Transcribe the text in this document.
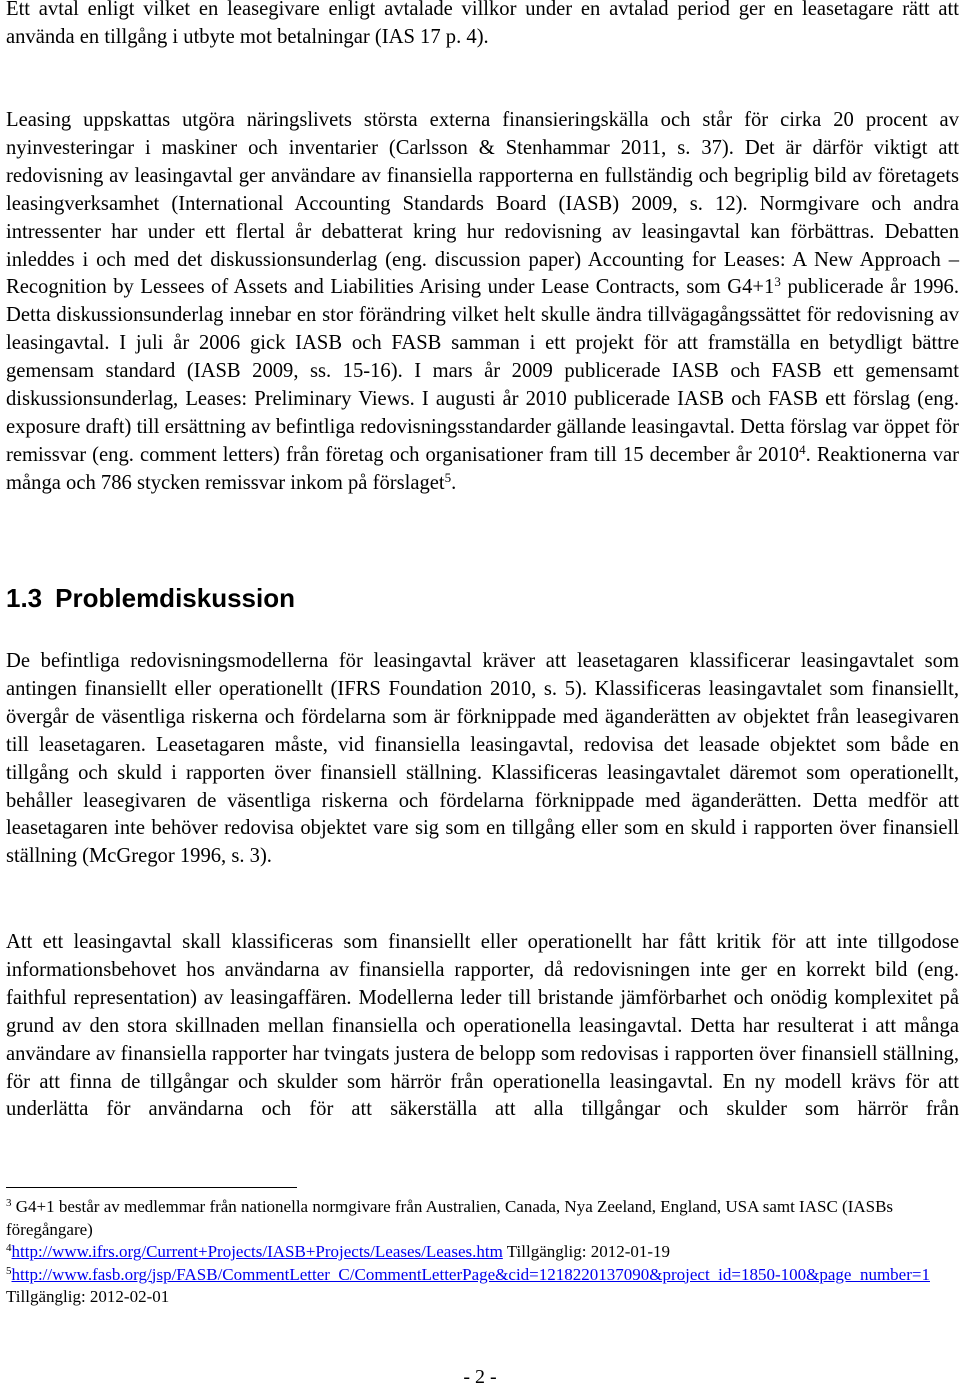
Ett avtal enligt vilket en leasegivare enligt avtalade villkor under en avtalad period ger en leasetagare rätt att använda en tillgång i utbyte mot betalningar (IAS 17 p. 4).

Leasing uppskattas utgöra näringslivets största externa finansieringskälla och står för cirka 20 procent av nyinvesteringar i maskiner och inventarier (Carlsson & Stenhammar 2011, s. 37). Det är därför viktigt att redovisning av leasingavtal ger användare av finansiella rapporterna en fullständig och begriplig bild av företagets leasingverksamhet (International Accounting Standards Board (IASB) 2009, s. 12). Normgivare och andra intressenter har under ett flertal år debatterat kring hur redovisning av leasingavtal kan förbättras. Debatten inleddes i och med det diskussionsunderlag (eng. discussion paper) Accounting for Leases: A New Approach – Recognition by Lessees of Assets and Liabilities Arising under Lease Contracts, som $G4+1^3$ publicerade år 1996. Detta diskussionsunderlag innebar en stor förändring vilket helt skulle ändra tillvägagångssättet för redovisning av leasingavtal. I juli år 2006 gick IASB och FASB samman i ett projekt för att framställa en betydligt bättre gemensam standard (IASB 2009, ss. 15-16). I mars år 2009 publicerade IASB och FASB ett gemensamt diskussionsunderlag, Leases: Preliminary Views. I augusti år 2010 publicerade IASB och FASB ett förslag (eng. exposure draft) till ersättning av befintliga redovisningsstandarder gällande leasingavtal. Detta förslag var öppet för remissvar (eng. comment letters) från företag och organisationer fram till 15 december år 2010$^4$. Reaktionerna var många och 786 stycken remissvar inkom på förslaget$^5$.

1.3 Problemdiskussion

De befintliga redovisningsmodellerna för leasingavtal kräver att leasetagaren klassificerar leasingavtalet som antingen finansiellt eller operationellt (IFRS Foundation 2010, s. 5). Klassificeras leasingavtalet som finansiellt, övergår de väsentliga riskerna och fördelarna som är förknippade med äganderätten av objektet från leasegivaren till leasetagaren. Leasetagaren måste, vid finansiella leasingavtal, redovisa det leasade objektet som både en tillgång och skuld i rapporten över finansiell ställning. Klassificeras leasingavtalet däremot som operationellt, behåller leasegivaren de väsentliga riskerna och fördelarna förknippade med äganderätten. Detta medför att leasetagaren inte behöver redovisa objektet vare sig som en tillgång eller som en skuld i rapporten över finansiell ställning (McGregor 1996, s. 3).

Att ett leasingavtal skall klassificeras som finansiellt eller operationellt har fått kritik för att inte tillgodose informationsbehovet hos användarna av finansiella rapporter, då redovisningen inte ger en korrekt bild (eng. faithful representation) av leasingaffären. Modellerna leder till bristande jämförbarhet och onödig komplexitet på grund av den stora skillnaden mellan finansiella och operationella leasingavtal. Detta har resulterat i att många användare av finansiella rapporter har tvingats justera de belopp som redovisas i rapporten över finansiell ställning, för att finna de tillgångar och skulder som härrör från operationella leasingavtal. En ny modell krävs för att underlätta för användarna och för att säkerställa att alla tillgångar och skulder som härrör från

$^3$ G4+1 består av medlemmar från nationella normgivare från Australien, Canada, Nya Zeeland, England, USA samt IASC (IASBs föregångare)

$^4$http://www.ifrs.org/Current+Projects/IASB+Projects/Leases/Leases.htm Tillgänglig: 2012-01-19

$^5$http://www.fasb.org/jsp/FASB/CommentLetter_C/CommentLetterPage&cid=1218220137090&project_id=1850-100&page_number=1 Tillgänglig: 2012-02-01

- 2 -
